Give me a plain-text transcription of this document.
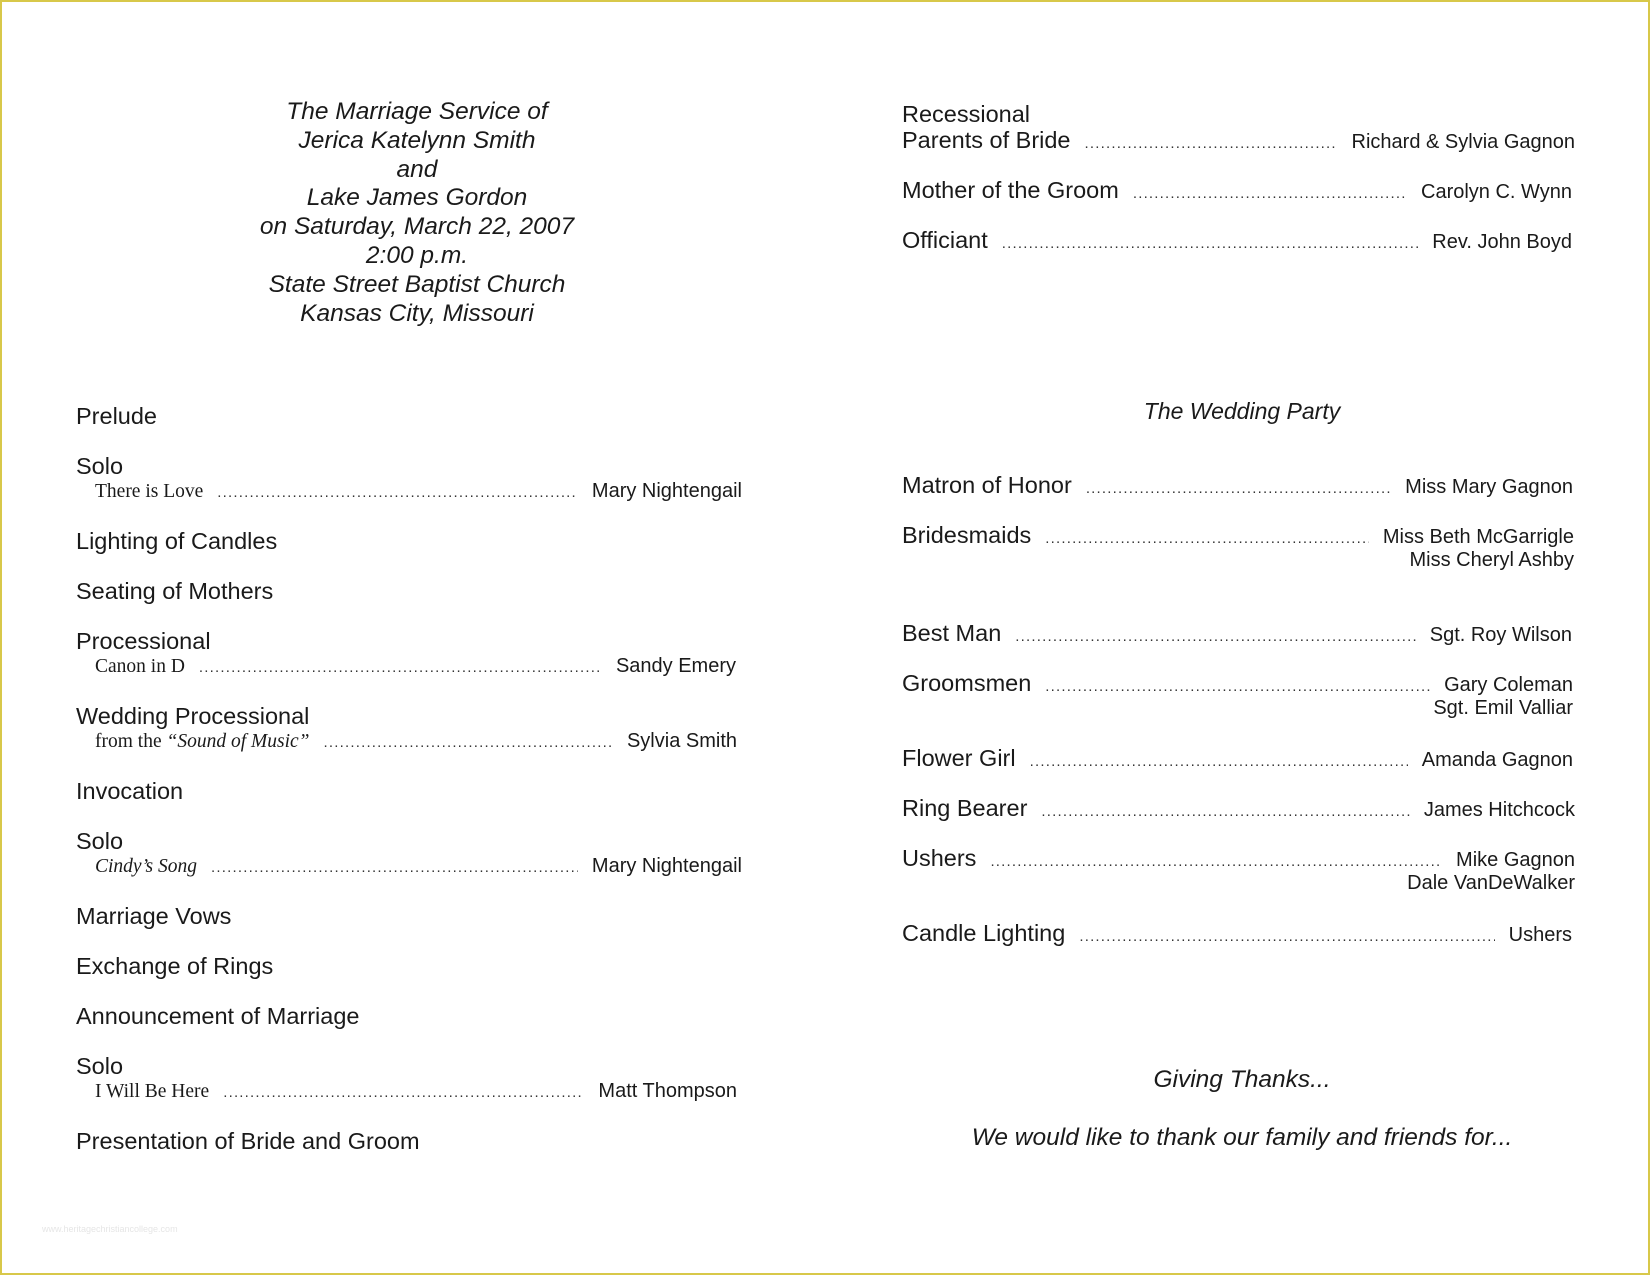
The Marriage Service of
Jerica Katelynn Smith
and
Lake James Gordon
on Saturday, March 22, 2007
2:00 p.m.
State Street Baptist Church
Kansas City, Missouri
Prelude
Solo
There is Love .....	Mary Nightengail
Lighting of Candles
Seating of Mothers
Processional
Canon in D .....	Sandy Emery
Wedding Processional
from the “Sound of Music” .....	Sylvia Smith
Invocation
Solo
Cindy’s Song .....	Mary Nightengail
Marriage Vows
Exchange of Rings
Announcement of Marriage
Solo
I Will Be Here .....	Matt Thompson
Presentation of Bride and Groom
Recessional
Parents of Bride .....	Richard & Sylvia Gagnon
Mother of the Groom .....	Carolyn C. Wynn
Officiant .....	Rev. John Boyd
The Wedding Party
Matron of Honor .....	Miss Mary Gagnon
Bridesmaids .....	Miss Beth McGarrigle
Miss Cheryl Ashby
Best Man .....	Sgt. Roy Wilson
Groomsmen .....	Gary Coleman
Sgt. Emil Valliar
Flower Girl .....	Amanda Gagnon
Ring Bearer .....	James Hitchcock
Ushers .....	Mike Gagnon
Dale VanDeWalker
Candle Lighting .....	Ushers
Giving Thanks...
We would like to thank our family and friends for...
www.heritagechristiancollege.com
